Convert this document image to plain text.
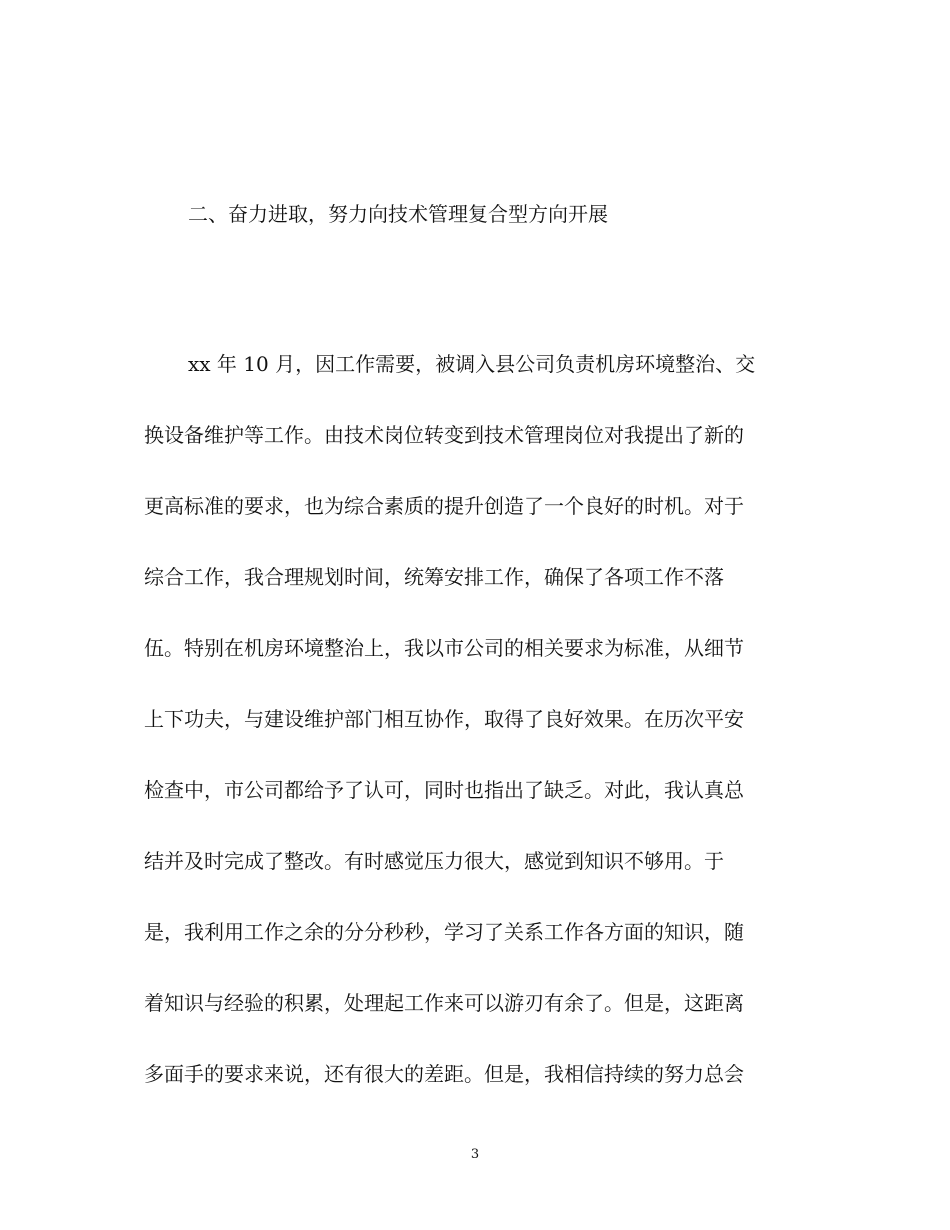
二、奋力进取，努力向技术管理复合型方向开展
xx 年 10 月，因工作需要，被调入县公司负责机房环境整治、交
换设备维护等工作。由技术岗位转变到技术管理岗位对我提出了新的
更高标准的要求，也为综合素质的提升创造了一个良好的时机。对于
综合工作，我合理规划时间，统筹安排工作，确保了各项工作不落
伍。特别在机房环境整治上，我以市公司的相关要求为标准，从细节
上下功夫，与建设维护部门相互协作，取得了良好效果。在历次平安
检查中，市公司都给予了认可，同时也指出了缺乏。对此，我认真总
结并及时完成了整改。有时感觉压力很大，感觉到知识不够用。于
是，我利用工作之余的分分秒秒，学习了关系工作各方面的知识，随
着知识与经验的积累，处理起工作来可以游刃有余了。但是，这距离
多面手的要求来说，还有很大的差距。但是，我相信持续的努力总会
3
